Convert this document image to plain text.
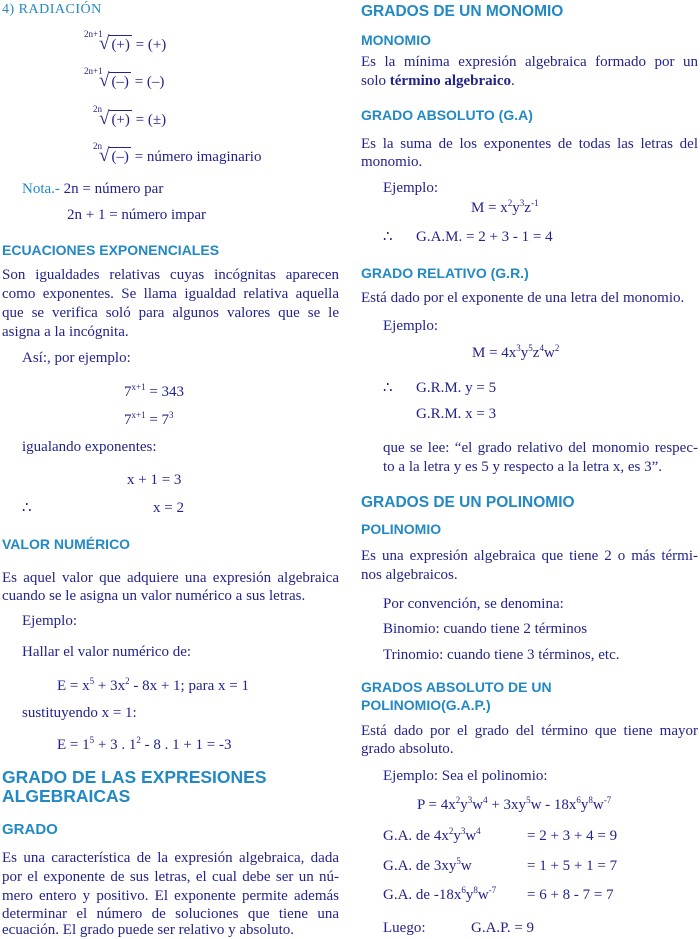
4) RADIACIÓN
2n+1
√ (+) = (+)
2n+1
√ (–) = (–)
2n
√ (+) = (±)
2n
√ (–) = número imaginario
Nota.- 2n = número par
2n + 1 = número impar
ECUACIONES EXPONENCIALES
Son igualdades relativas cuyas incógnitas aparecen
como exponentes. Se llama igualdad relativa aquella
que se verifica soló para algunos valores que se le
asigna a la incógnita.
Así:, por ejemplo:
$7^{x+1} = 343$
$7^{x+1} = 7^3$
igualando exponentes:
x + 1 = 3
∴	x = 2
VALOR NUMÉRICO
Es aquel valor que adquiere una expresión algebraica
cuando se le asigna un valor numérico a sus letras.
Ejemplo:
Hallar el valor numérico de:
$E = x^5 + 3x^2 - 8x + 1$; para x = 1
sustituyendo x = 1:
$E = 1^5 + 3$ . $1^2 - 8$ . 1 + 1 = -3
GRADO DE LAS EXPRESIONES
ALGEBRAICAS
GRADO
Es una característica de la expresión algebraica, dada
por el exponente de sus letras, el cual debe ser un nú-
mero entero y positivo. El exponente permite además
determinar el número de soluciones que tiene una
ecuación. El grado puede ser relativo y absoluto.
GRADOS DE UN MONOMIO
MONOMIO
Es la mínima expresión algebraica formado por un
solo término algebraico.
GRADO ABSOLUTO (G.A)
Es la suma de los exponentes de todas las letras del
monomio.
Ejemplo:
$M = x^2y^3z^{-1}$
∴ G.A.M. = 2 + 3 - 1 = 4
GRADO RELATIVO (G.R.)
Está dado por el exponente de una letra del monomio.
Ejemplo:
$M = 4x^3y^5z^4w^2$
∴ G.R.M. y = 5
G.R.M. x = 3
que se lee: “el grado relativo del monomio respec-
to a la letra y es 5 y respecto a la letra x, es 3”.
GRADOS DE UN POLINOMIO
POLINOMIO
Es una expresión algebraica que tiene 2 o más térmi-
nos algebraicos.
Por convención, se denomina:
Binomio: cuando tiene 2 términos
Trinomio: cuando tiene 3 términos, etc.
GRADOS ABSOLUTO DE UN
POLINOMIO(G.A.P.)
Está dado por el grado del término que tiene mayor
grado absoluto.
Ejemplo: Sea el polinomio:
$P = 4x^2y^3w^4 + 3xy^5w - 18x^6y^8w^{-7}$
G.A. de $4x^2y^3w^4$	= 2 + 3 + 4 = 9
G.A. de $3xy^5w$	= 1 + 5 + 1 = 7
G.A. de $-18x^6y^8w^{-7} = 6 + 8 - 7 = 7$
Luego:	G.A.P. = 9
